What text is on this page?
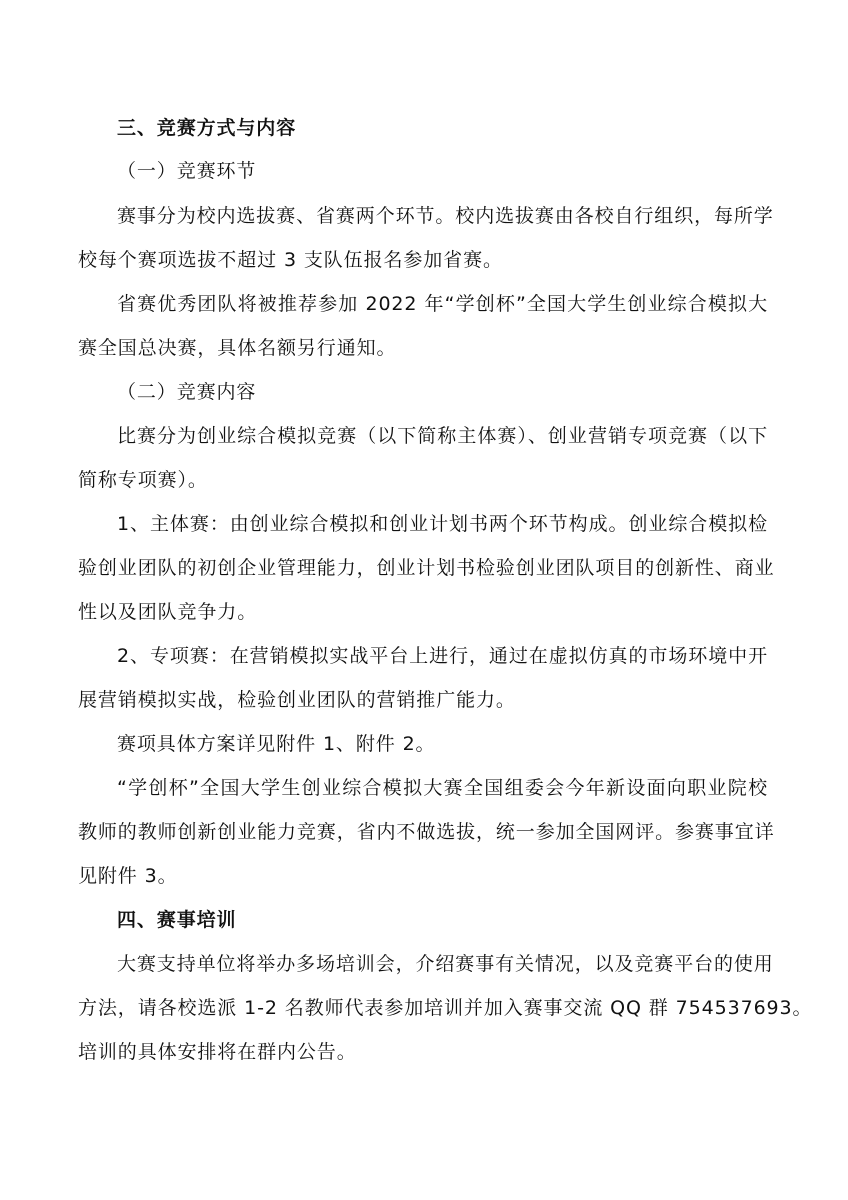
三、竞赛方式与内容
（一）竞赛环节
赛事分为校内选拔赛、省赛两个环节。校内选拔赛由各校自行组织，每所学
校每个赛项选拔不超过 3 支队伍报名参加省赛。
省赛优秀团队将被推荐参加 2022 年“学创杯”全国大学生创业综合模拟大
赛全国总决赛，具体名额另行通知。
（二）竞赛内容
比赛分为创业综合模拟竞赛（以下简称主体赛）、创业营销专项竞赛（以下
简称专项赛）。
1、主体赛：由创业综合模拟和创业计划书两个环节构成。创业综合模拟检
验创业团队的初创企业管理能力，创业计划书检验创业团队项目的创新性、商业
性以及团队竞争力。
2、专项赛：在营销模拟实战平台上进行，通过在虚拟仿真的市场环境中开
展营销模拟实战，检验创业团队的营销推广能力。
赛项具体方案详见附件 1、附件 2。
“学创杯”全国大学生创业综合模拟大赛全国组委会今年新设面向职业院校
教师的教师创新创业能力竞赛，省内不做选拔，统一参加全国网评。参赛事宜详
见附件 3。
四、赛事培训
大赛支持单位将举办多场培训会，介绍赛事有关情况，以及竞赛平台的使用
方法，请各校选派 1-2 名教师代表参加培训并加入赛事交流 QQ 群 754537693。
培训的具体安排将在群内公告。
